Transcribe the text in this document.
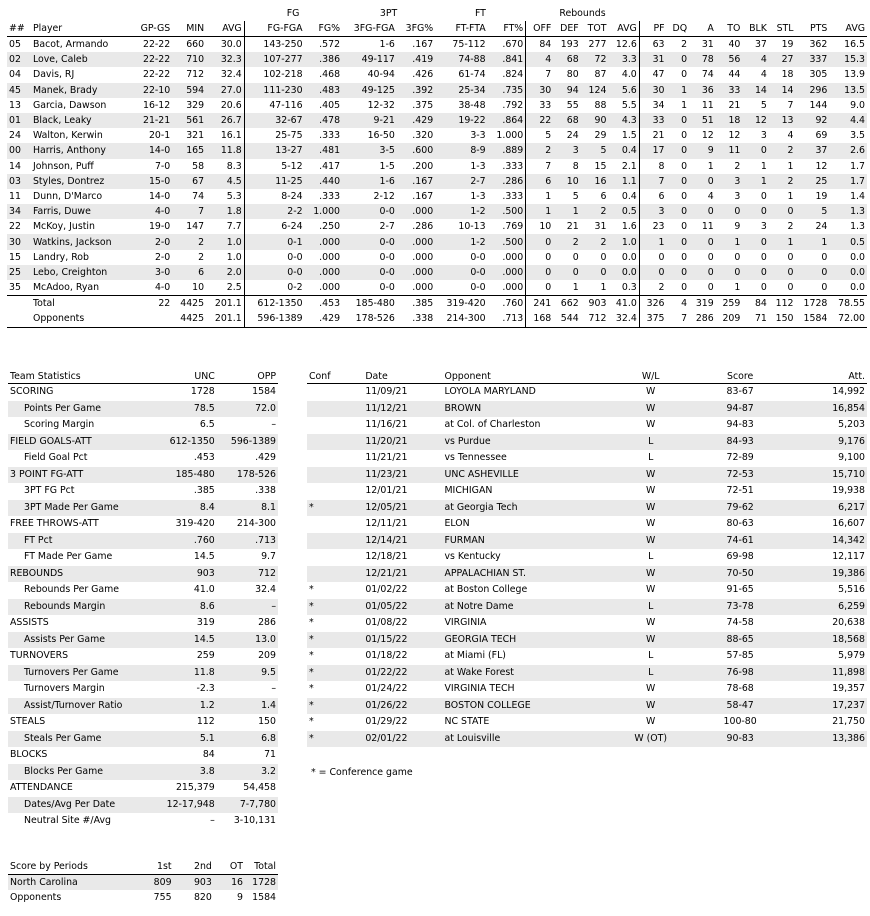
					FG		3PT		FT		Rebounds											
##	Player	GP-GS	MIN	AVG	FG-FGA	FG%	3FG-FGA	3FG%	FT-FTA	FT%	OFF	DEF	TOT	AVG	PF	DQ	A	TO	BLK	STL	PTS	AVG
05	Bacot, Armando	22-22	660	30.0	143-250	.572	1-6	.167	75-112	.670	84	193	277	12.6	63	2	31	40	37	19	362	16.5
02	Love, Caleb	22-22	710	32.3	107-277	.386	49-117	.419	74-88	.841	4	68	72	3.3	31	0	78	56	4	27	337	15.3
04	Davis, RJ	22-22	712	32.4	102-218	.468	40-94	.426	61-74	.824	7	80	87	4.0	47	0	74	44	4	18	305	13.9
45	Manek, Brady	22-10	594	27.0	111-230	.483	49-125	.392	25-34	.735	30	94	124	5.6	30	1	36	33	14	14	296	13.5
13	Garcia, Dawson	16-12	329	20.6	47-116	.405	12-32	.375	38-48	.792	33	55	88	5.5	34	1	11	21	5	7	144	9.0
01	Black, Leaky	21-21	561	26.7	32-67	.478	9-21	.429	19-22	.864	22	68	90	4.3	33	0	51	18	12	13	92	4.4
24	Walton, Kerwin	20-1	321	16.1	25-75	.333	16-50	.320	3-3	1.000	5	24	29	1.5	21	0	12	12	3	4	69	3.5
00	Harris, Anthony	14-0	165	11.8	13-27	.481	3-5	.600	8-9	.889	2	3	5	0.4	17	0	9	11	0	2	37	2.6
14	Johnson, Puff	7-0	58	8.3	5-12	.417	1-5	.200	1-3	.333	7	8	15	2.1	8	0	1	2	1	1	12	1.7
03	Styles, Dontrez	15-0	67	4.5	11-25	.440	1-6	.167	2-7	.286	6	10	16	1.1	7	0	0	3	1	2	25	1.7
11	Dunn, D'Marco	14-0	74	5.3	8-24	.333	2-12	.167	1-3	.333	1	5	6	0.4	6	0	4	3	0	1	19	1.4
34	Farris, Duwe	4-0	7	1.8	2-2	1.000	0-0	.000	1-2	.500	1	1	2	0.5	3	0	0	0	0	0	5	1.3
22	McKoy, Justin	19-0	147	7.7	6-24	.250	2-7	.286	10-13	.769	10	21	31	1.6	23	0	11	9	3	2	24	1.3
30	Watkins, Jackson	2-0	2	1.0	0-1	.000	0-0	.000	1-2	.500	0	2	2	1.0	1	0	0	1	0	1	1	0.5
15	Landry, Rob	2-0	2	1.0	0-0	.000	0-0	.000	0-0	.000	0	0	0	0.0	0	0	0	0	0	0	0	0.0
25	Lebo, Creighton	3-0	6	2.0	0-0	.000	0-0	.000	0-0	.000	0	0	0	0.0	0	0	0	0	0	0	0	0.0
35	McAdoo, Ryan	4-0	10	2.5	0-2	.000	0-0	.000	0-0	.000	0	1	1	0.3	2	0	0	1	0	0	0	0.0
	Total	22	4425	201.1	612-1350	.453	185-480	.385	319-420	.760	241	662	903	41.0	326	4	319	259	84	112	1728	78.55
	Opponents		4425	201.1	596-1389	.429	178-526	.338	214-300	.713	168	544	712	32.4	375	7	286	209	71	150	1584	72.00
Team Statistics	UNC	OPP
SCORING	1728	1584
Points Per Game	78.5	72.0
Scoring Margin	6.5	–
FIELD GOALS-ATT	612-1350	596-1389
Field Goal Pct	.453	.429
3 POINT FG-ATT	185-480	178-526
3PT FG Pct	.385	.338
3PT Made Per Game	8.4	8.1
FREE THROWS-ATT	319-420	214-300
FT Pct	.760	.713
FT Made Per Game	14.5	9.7
REBOUNDS	903	712
Rebounds Per Game	41.0	32.4
Rebounds Margin	8.6	–
ASSISTS	319	286
Assists Per Game	14.5	13.0
TURNOVERS	259	209
Turnovers Per Game	11.8	9.5
Turnovers Margin	-2.3	–
Assist/Turnover Ratio	1.2	1.4
STEALS	112	150
Steals Per Game	5.1	6.8
BLOCKS	84	71
Blocks Per Game	3.8	3.2
ATTENDANCE	215,379	54,458
Dates/Avg Per Date	12-17,948	7-7,780
Neutral Site #/Avg	–	3-10,131
Conf	Date	Opponent	W/L	Score	Att.
	11/09/21	LOYOLA MARYLAND	W	83-67	14,992
	11/12/21	BROWN	W	94-87	16,854
	11/16/21	at Col. of Charleston	W	94-83	5,203
	11/20/21	vs Purdue	L	84-93	9,176
	11/21/21	vs Tennessee	L	72-89	9,100
	11/23/21	UNC ASHEVILLE	W	72-53	15,710
	12/01/21	MICHIGAN	W	72-51	19,938
*	12/05/21	at Georgia Tech	W	79-62	6,217
	12/11/21	ELON	W	80-63	16,607
	12/14/21	FURMAN	W	74-61	14,342
	12/18/21	vs Kentucky	L	69-98	12,117
	12/21/21	APPALACHIAN ST.	W	70-50	19,386
*	01/02/22	at Boston College	W	91-65	5,516
*	01/05/22	at Notre Dame	L	73-78	6,259
*	01/08/22	VIRGINIA	W	74-58	20,638
*	01/15/22	GEORGIA TECH	W	88-65	18,568
*	01/18/22	at Miami (FL)	L	57-85	5,979
*	01/22/22	at Wake Forest	L	76-98	11,898
*	01/24/22	VIRGINIA TECH	W	78-68	19,357
*	01/26/22	BOSTON COLLEGE	W	58-47	17,237
*	01/29/22	NC STATE	W	100-80	21,750
*	02/01/22	at Louisville	W (OT)	90-83	13,386
* = Conference game
Score by Periods	1st	2nd	OT	Total
North Carolina	809	903	16	1728
Opponents	755	820	9	1584
